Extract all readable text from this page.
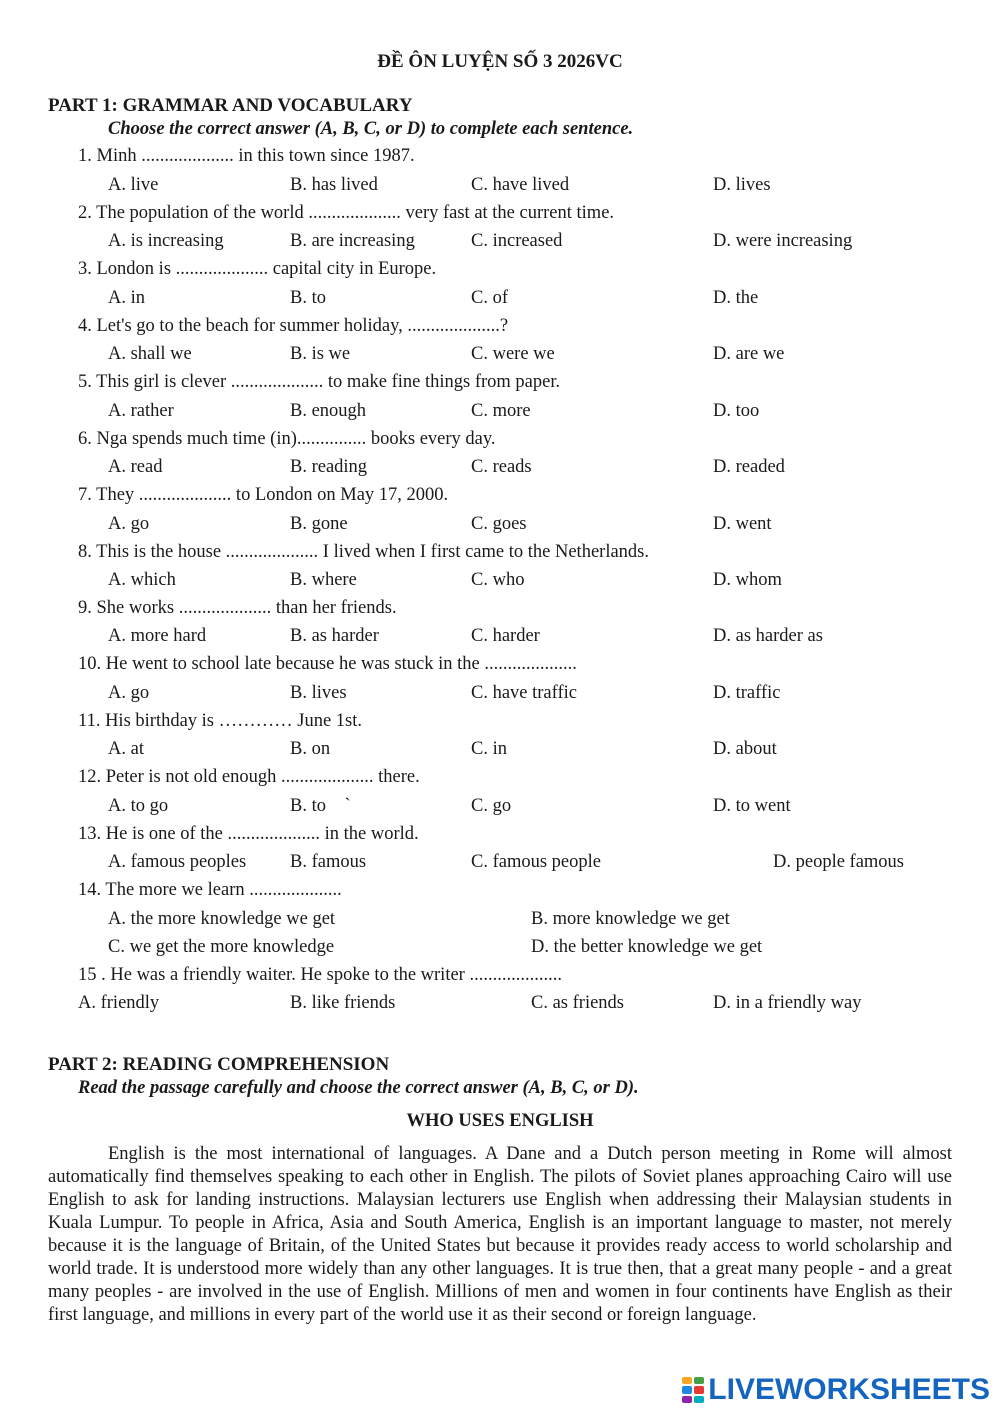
ĐỀ ÔN LUYỆN SỐ 3 2026VC
PART 1: GRAMMAR AND VOCABULARY
Choose the correct answer (A, B, C, or D) to complete each sentence.
1. Minh .................... in this town since 1987.
A. live	B. has lived	C. have lived	D. lives
2. The population of the world .................... very fast at the current time.
A. is increasing	B. are increasing	C. increased	D. were increasing
3. London is .................... capital city in Europe.
A. in	B. to	C. of	D. the
4. Let's go to the beach for summer holiday, ....................?
A. shall we	B. is we	C. were we	D. are we
5. This girl is clever .................... to make fine things from paper.
A. rather	B. enough	C. more	D. too
6. Nga spends much time (in)............... books every day.
A. read	B. reading	C. reads	D. readed
7. They .................... to London on May 17, 2000.
A. go	B. gone	C. goes	D. went
8. This is the house .................... I lived when I first came to the Netherlands.
A. which	B. where	C. who	D. whom
9. She works .................... than her friends.
A. more hard	B. as harder	C. harder	D. as harder as
10. He went to school late because he was stuck in the ....................
A. go	B. lives	C. have traffic	D. traffic
11. His birthday is ………… June 1st.
A. at	B. on	C. in	D. about
12. Peter is not old enough .................... there.
A. to go	B. to    `	C. go	D. to went
13. He is one of the .................... in the world.
A. famous peoples B. famous	C. famous people	D. people famous
14. The more we learn ....................
A. the more knowledge we get	B. more knowledge we get
C. we get the more knowledge	D. the better knowledge we get
15 . He was a friendly waiter. He spoke to the writer ....................
A. friendly	B. like friends	C. as friends	D. in a friendly way
PART 2: READING COMPREHENSION
Read the passage carefully and choose the correct answer (A, B, C, or D).
WHO USES ENGLISH
English is the most international of languages. A Dane and a Dutch person meeting in Rome will almost automatically find themselves speaking to each other in English. The pilots of Soviet planes approaching Cairo will use English to ask for landing instructions. Malaysian lecturers use English when addressing their Malaysian students in Kuala Lumpur. To people in Africa, Asia and South America, English is an important language to master, not merely because it is the language of Britain, of the United States but because it provides ready access to world scholarship and world trade. It is understood more widely than any other languages. It is true then, that a great many people - and a great many peoples - are involved in the use of English. Millions of men and women in four continents have English as their first language, and millions in every part of the world use it as their second or foreign language.
LIVEWORKSHEETS
